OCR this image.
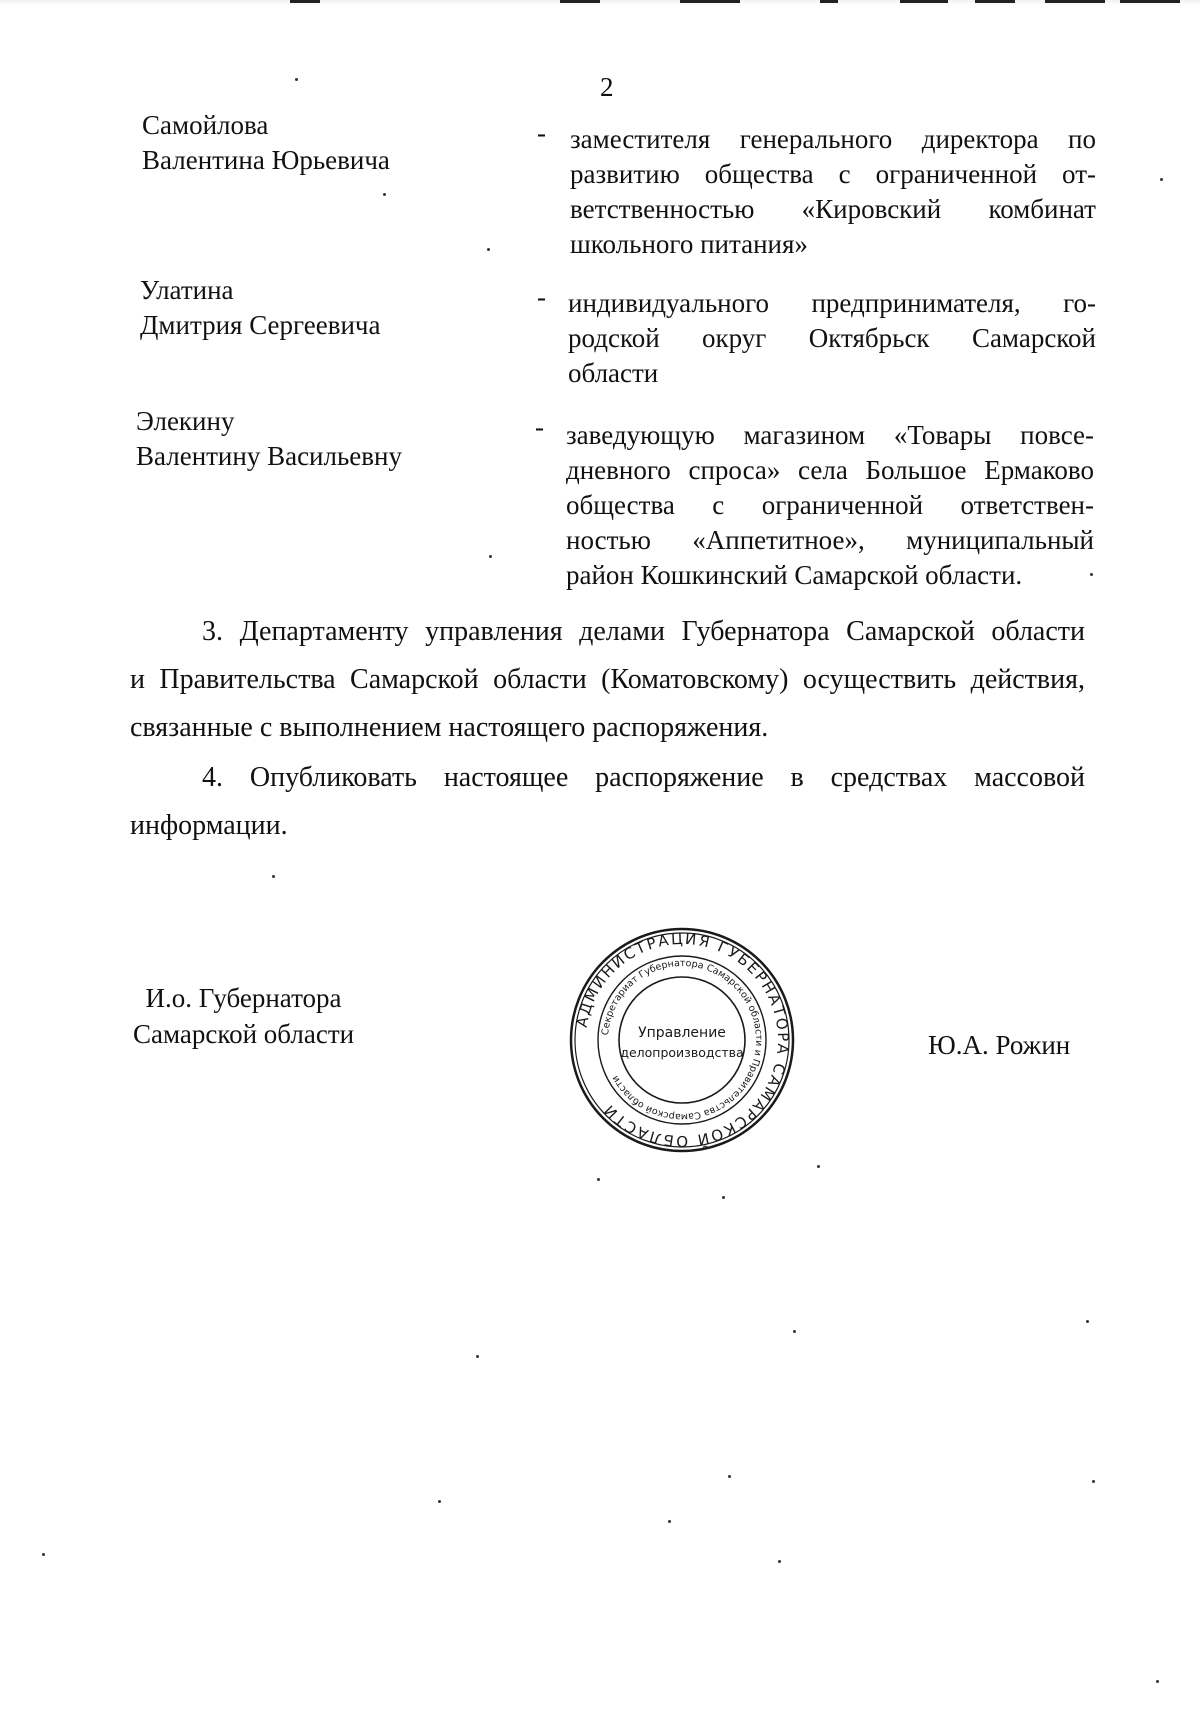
2
Самойлова
Валентина Юрьевича
- заместителя генерального директора по
развитию общества с ограниченной от-
ветственностью «Кировский комбинат
школьного питания»
Улатина
Дмитрия Сергеевича
- индивидуального предпринимателя, го-
родской округ Октябрьск Самарской
области
Элекину
Валентину Васильевну
- заведующую магазином «Товары повсе-
дневного спроса» села Большое Ермаково
общества с ограниченной ответствен-
ностью «Аппетитное», муниципальный
район Кошкинский Самарской области.
3. Департаменту управления делами Губернатора Самарской области
и Правительства Самарской области (Коматовскому) осуществить действия,
связанные с выполнением настоящего распоряжения.
4. Опубликовать настоящее распоряжение в средствах массовой
информации.
И.о. Губернатора
Самарской области	АДМИНИСТРАЦИЯ ГУБЕРНАТОРА САМАРСКОЙ ОБЛАСТИ
Секретариат Губернатора Самарской области и Правительства Самарской области
Управление
делопроизводства	Ю.А. Рожин
